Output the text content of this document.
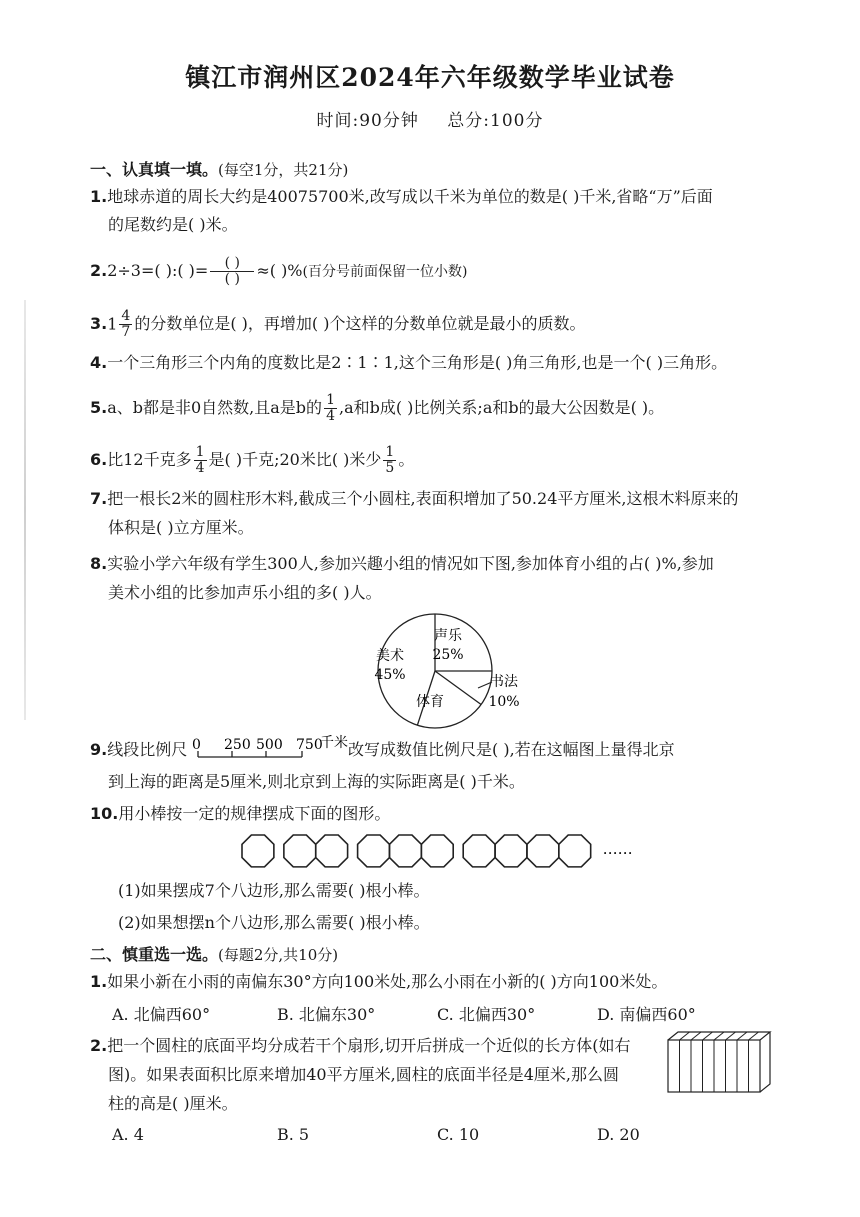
镇江市润州区2024年六年级数学毕业试卷
时间:90分钟 总分:100分
一、认真填一填。(每空1分，共21分)
1.地球赤道的周长大约是40075700米,改写成以千米为单位的数是( )千米,省略“万”后面
的尾数约是( )米。
2.2÷3=( ):( )= $\frac{( )}{( )}$ ≈( )%(百分号前面保留一位小数)
$3.1 \frac{4}{7}$ 的分数单位是( )，再增加( )个这样的分数单位就是最小的质数。
4.一个三角形三个内角的度数比是2∶1∶1,这个三角形是( )角三角形,也是一个( )三角形。
5.a、b都是非0自然数,且a是b的 $\frac{1}{4} ,a$和b成( )比例关系;a和b的最大公因数是( )。
6.比12千克多 $\frac{1}{4}$ 是( )千克;20米比( )米少 $\frac{1}{5}$ 。
7.把一根长2米的圆柱形木料,截成三个小圆柱,表面积增加了50.24平方厘米,这根木料原来的
体积是( )立方厘米。
8.实验小学六年级有学生300人,参加兴趣小组的情况如下图,参加体育小组的占( )%,参加
美术小组的比参加声乐小组的多( )人。
声乐
25%
书法
10%
体育
美术
45%
9.线段比例尺 0 250 500 750
千米 改写成数值比例尺是( ),若在这幅图上量得北京
到上海的距离是5厘米,则北京到上海的实际距离是( )千米。
10.用小棒按一定的规律摆成下面的图形。
……
(1)如果摆成7个八边形,那么需要( )根小棒。
(2)如果想摆n个八边形,那么需要( )根小棒。
二、慎重选一选。(每题2分,共10分)
1.如果小新在小雨的南偏东30°方向100米处,那么小雨在小新的( )方向100米处。
A. 北偏西60°	B. 北偏东30°	C. 北偏西30°	D. 南偏西60°
2.把一个圆柱的底面平均分成若干个扇形,切开后拼成一个近似的长方体(如右
图)。如果表面积比原来增加40平方厘米,圆柱的底面半径是4厘米,那么圆
柱的高是( )厘米。
A. 4	B. 5	C. 10	D. 20
